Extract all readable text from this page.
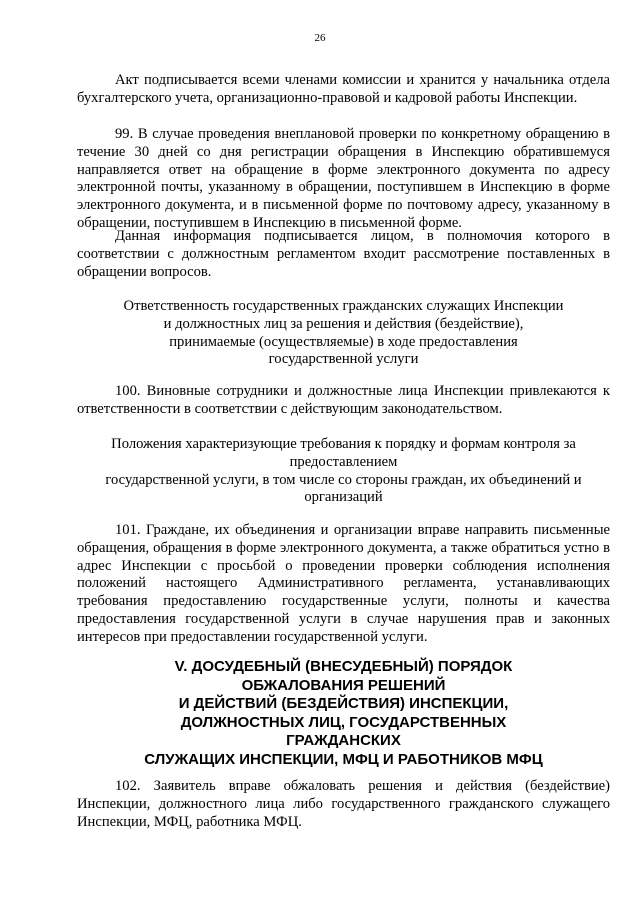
26

Акт подписывается всеми членами комиссии и хранится у начальника отдела бухгалтерского учета, организационно-правовой и кадровой работы Инспекции.

99. В случае проведения внеплановой проверки по конкретному обращению в течение 30 дней со дня регистрации обращения в Инспекцию обратившемуся направляется ответ на обращение в форме электронного документа по адресу электронной почты, указанному в обращении, поступившем в Инспекцию в форме электронного документа, и в письменной форме по почтовому адресу, указанному в обращении, поступившем в Инспекцию в письменной форме.

Данная информация подписывается лицом, в полномочия которого в соответствии с должностным регламентом входит рассмотрение поставленных в обращении вопросов.

Ответственность государственных гражданских служащих Инспекции

и должностных лиц за решения и действия (бездействие),

принимаемые (осуществляемые) в ходе предоставления

государственной услуги

100. Виновные сотрудники и должностные лица Инспекции привлекаются к ответственности в соответствии с действующим законодательством.

Положения характеризующие требования к порядку и формам контроля за

предоставлением

государственной услуги, в том числе со стороны граждан, их объединений и

организаций

101. Граждане, их объединения и организации вправе направить письменные обращения, обращения в форме электронного документа, а также обратиться устно в адрес Инспекции с просьбой о проведении проверки соблюдения исполнения положений настоящего Административного регламента, устанавливающих требования предоставлению государственные услуги, полноты и качества предоставления государственной услуги в случае нарушения прав и законных интересов при предоставлении государственной услуги.

V. ДОСУДЕБНЫЙ (ВНЕСУДЕБНЫЙ) ПОРЯДОК

ОБЖАЛОВАНИЯ РЕШЕНИЙ

И ДЕЙСТВИЙ (БЕЗДЕЙСТВИЯ) ИНСПЕКЦИИ,

ДОЛЖНОСТНЫХ ЛИЦ, ГОСУДАРСТВЕННЫХ

ГРАЖДАНСКИХ

СЛУЖАЩИХ ИНСПЕКЦИИ, МФЦ И РАБОТНИКОВ МФЦ

102. Заявитель вправе обжаловать решения и действия (бездействие) Инспекции, должностного лица либо государственного гражданского служащего Инспекции, МФЦ, работника МФЦ.
